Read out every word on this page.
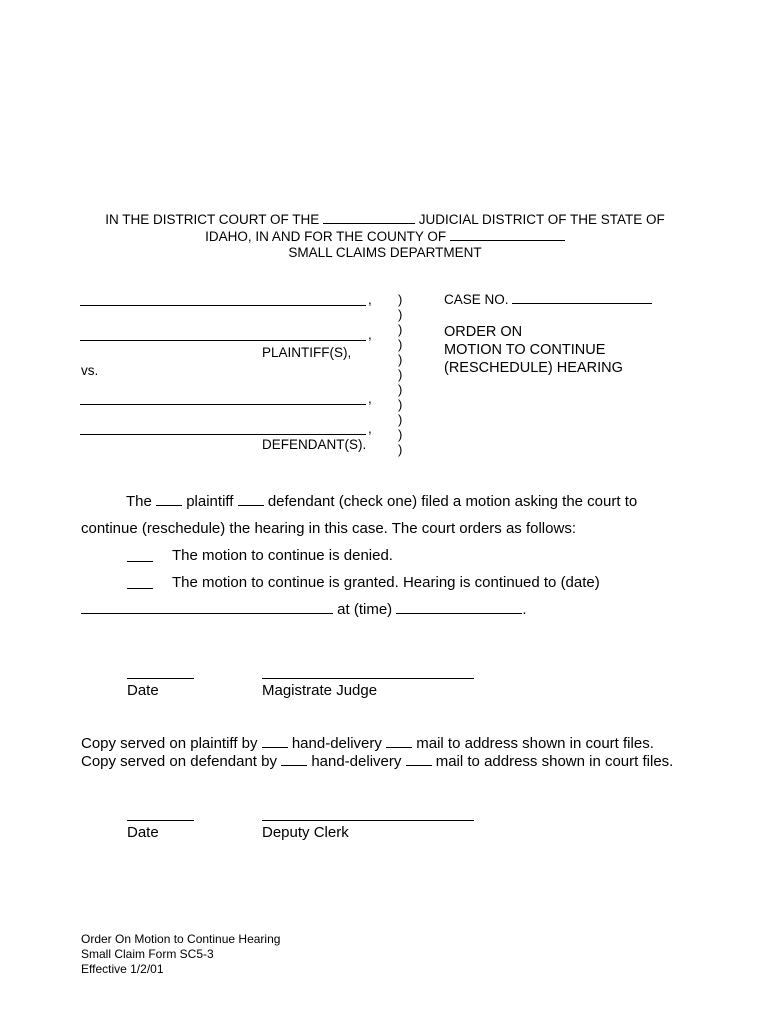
IN THE DISTRICT COURT OF THE	JUDICIAL DISTRICT OF THE STATE OF
IDAHO, IN AND FOR THE COUNTY OF
SMALL CLAIMS DEPARTMENT
,
,
PLAINTIFF(S),
vs.
,
,
DEFENDANT(S).
)
)
)
)
)
)
)
)
)
)
)
CASE NO.
ORDER ON
MOTION TO CONTINUE
(RESCHEDULE) HEARING
The plaintiff defendant (check one) filed a motion asking the court to
continue (reschedule) the hearing in this case. The court orders as follows:
The motion to continue is denied.
The motion to continue is granted. Hearing is continued to (date)
at (time)	.
Date	Magistrate Judge
Copy served on plaintiff by hand-delivery mail to address shown in court files.
Copy served on defendant by hand-delivery mail to address shown in court files.
Date	Deputy Clerk
Order On Motion to Continue Hearing
Small Claim Form SC5-3
Effective 1/2/01
